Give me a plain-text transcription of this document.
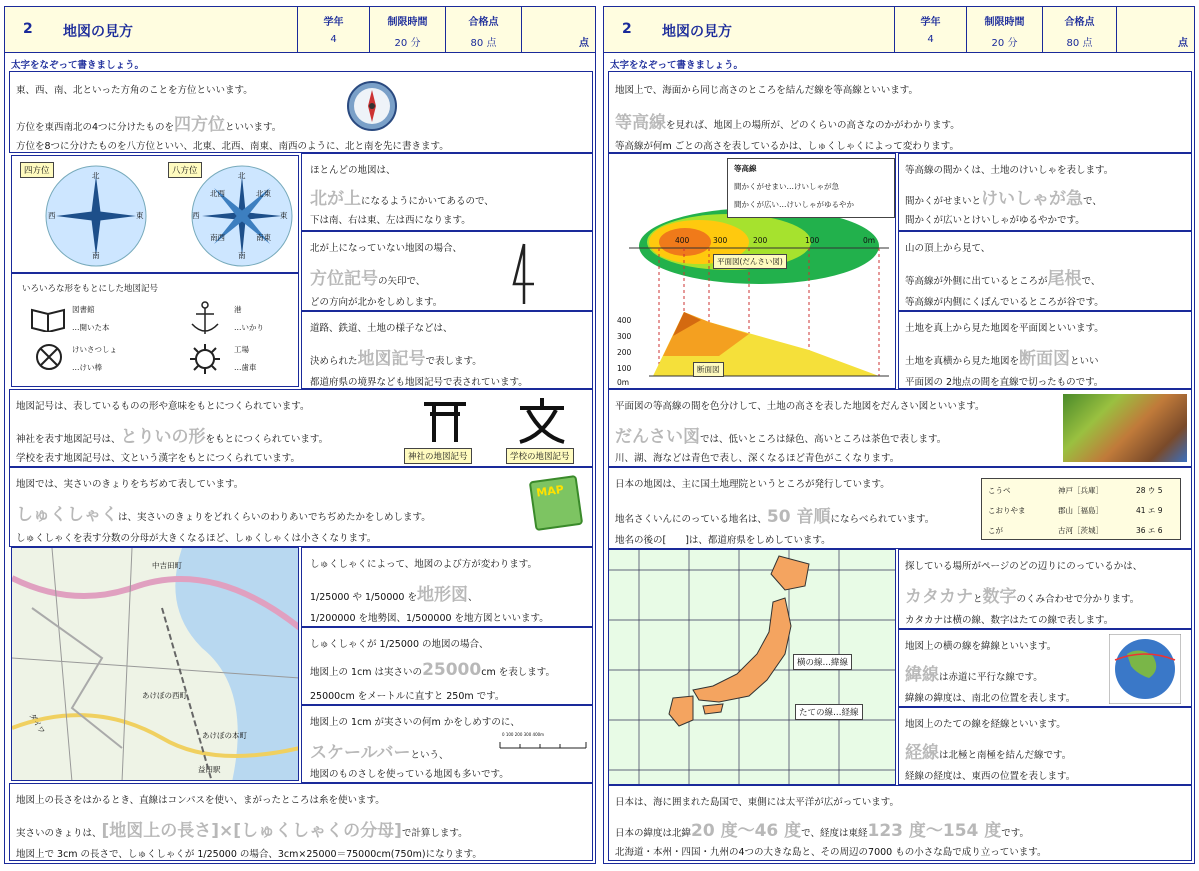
2 地図の見方
学年
4
制限時間
20 分
合格点
80 点	点
太字をなぞって書きましょう。
東、西、南、北といった方角のことを方位といいます。
方位を東西南北の4つに分けたものを四方位といいます。
方位を8つに分けたものを八方位といい、北東、北西、南東、南西のように、北と南を先に書きます。
四方位	八方位
北
南
西	東
北
南
西	東
北西	北東
南西	南東
いろいろな形をもとにした地図記号
図書館
…開いた本
けいさつしょ
…けい棒
港
…いかり
工場
…歯車
ほとんどの地図は、
北が上になるようにかいてあるので、
下は南、右は東、左は西になります。
北が上になっていない地図の場合、
方位記号の矢印で、
どの方向が北かをしめします。
道路、鉄道、土地の様子などは、
決められた地図記号で表します。
都道府県の境界なども地図記号で表されています。
地図記号は、表しているものの形や意味をもとにつくられています。
神社を表す地図記号は、とりいの形をもとにつくられています。
学校を表す地図記号は、文という漢字をもとにつくられています。	神社の地図記号	学校の地図記号
地図では、実さいのきょりをちぢめて表しています。
しゅくしゃくは、実さいのきょりをどれくらいのわりあいでちぢめたかをしめします。
しゅくしゃくを表す分数の分母が大きくなるほど、しゅくしゃくは小さくなります。
MAP
中吉田町
あけぼの西町
あけぼの本町
ダイワ
益田駅
しゅくしゃくによって、地図のよび方が変わります。
1/25000 や 1/50000 を地形図、
1/200000 を地勢図、1/500000 を地方図といいます。
しゅくしゃくが 1/25000 の地図の場合、
地図上の 1cm は実さいの25000cm を表します。
25000cm をメートルに直すと 250m です。
地図上の 1cm が実さいの何m かをしめすのに、
スケールバーという、
地図のものさしを使っている地図も多いです。
0 100 200 300 400m
地図上の長さをはかるとき、直線はコンパスを使い、まがったところは糸を使います。
実さいのきょりは、[地図上の長さ]×[しゅくしゃくの分母]で計算します。
地図上で 3cm の長さで、しゅくしゃくが 1/25000 の場合、3cm×25000＝75000cm(750m)になります。
2 地図の見方
学年
4
制限時間
20 分
合格点
80 点	点
太字をなぞって書きましょう。
地図上で、海面から同じ高さのところを結んだ線を等高線といいます。
等高線を見れば、地図上の場所が、どのくらいの高さなのかがわかります。
等高線が何m ごとの高さを表しているかは、しゅくしゃくによって変わります。
等高線
間かくがせまい…けいしゃが急
間かくが広い…けいしゃがゆるやか
平面図(だんさい図)
400	300	200	100	0m
400
300
200
100
0m
断面図
等高線の間かくは、土地のけいしゃを表します。
間かくがせまいとけいしゃが急で、
間かくが広いとけいしゃがゆるやかです。
山の頂上から見て、
等高線が外側に出ているところが尾根で、
等高線が内側にくぼんでいるところが谷です。
土地を真上から見た地図を平面図といいます。
土地を真横から見た地図を断面図といい
平面図の 2地点の間を直線で切ったものです。
平面図の等高線の間を色分けして、土地の高さを表した地図をだんさい図といいます。
だんさい図では、低いところは緑色、高いところは茶色で表します。
川、湖、海などは青色で表し、深くなるほど青色がこくなります。
日本の地図は、主に国土地理院というところが発行しています。
地名さくいんにのっている地名は、50 音順にならべられています。
地名の後の[　　]は、都道府県をしめしています。
こうべ	神戸［兵庫］	28 ウ 5
こおりやま	郡山［福島］	41 エ 9
こが	古河［茨城］	36 エ 6
横の線…緯線
たての線…経線
探している場所がページのどの辺りにのっているかは、
カタカナと数字のくみ合わせで分かります。
カタカナは横の線、数字はたての線で表します。
地図上の横の線を緯線といいます。
緯線は赤道に平行な線です。
緯線の緯度は、南北の位置を表します。
地図上のたての線を経線といいます。
経線は北極と南極を結んだ線です。
経線の経度は、東西の位置を表します。
日本は、海に囲まれた島国で、東側には太平洋が広がっています。
日本の緯度は北緯20 度～46 度で、経度は東経123 度～154 度です。
北海道・本州・四国・九州の4つの大きな島と、その周辺の7000 もの小さな島で成り立っています。
